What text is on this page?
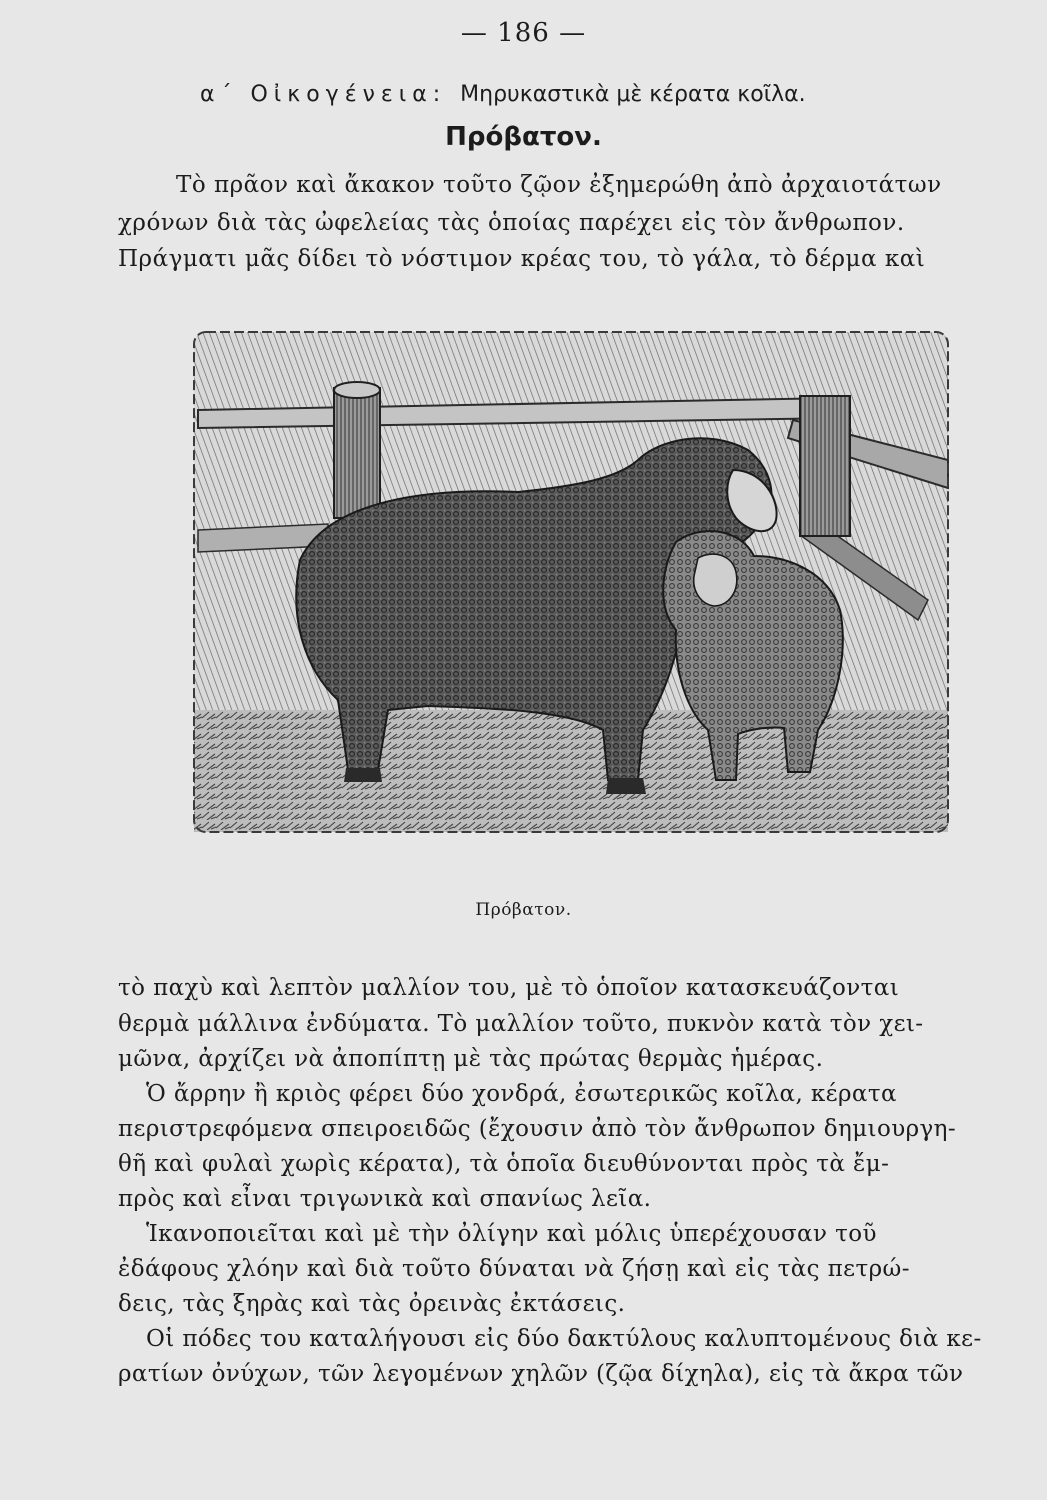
— 186 —
α΄ Οἰκογένεια: Μηρυκαστικὰ μὲ κέρατα κοῖλα.
Πρόβατον.
Τὸ πρᾶον καὶ ἄκακον τοῦτο ζῷον ἐξημερώθη ἀπὸ ἀρχαιοτάτων
χρόνων διὰ τὰς ὠφελείας τὰς ὁποίας παρέχει εἰς τὸν ἄνθρωπον.
Πράγματι μᾶς δίδει τὸ νόστιμον κρέας του, τὸ γάλα, τὸ δέρμα καὶ
Πρόβατον.
τὸ παχὺ καὶ λεπτὸν μαλλίον του, μὲ τὸ ὁποῖον κατασκευάζονται
θερμὰ μάλλινα ἐνδύματα. Τὸ μαλλίον τοῦτο, πυκνὸν κατὰ τὸν χει-
μῶνα, ἀρχίζει νὰ ἀποπίπτῃ μὲ τὰς πρώτας θερμὰς ἡμέρας.
Ὁ ἄρρην ἢ κριὸς φέρει δύο χονδρά, ἐσωτερικῶς κοῖλα, κέρατα
περιστρεφόμενα σπειροειδῶς (ἔχουσιν ἀπὸ τὸν ἄνθρωπον δημιουργη-
θῆ καὶ φυλαὶ χωρὶς κέρατα), τὰ ὁποῖα διευθύνονται πρὸς τὰ ἔμ-
πρὸς καὶ εἶναι τριγωνικὰ καὶ σπανίως λεῖα.
Ἱκανοποιεῖται καὶ μὲ τὴν ὀλίγην καὶ μόλις ὑπερέχουσαν τοῦ
ἐδάφους χλόην καὶ διὰ τοῦτο δύναται νὰ ζήσῃ καὶ εἰς τὰς πετρώ-
δεις, τὰς ξηρὰς καὶ τὰς ὀρεινὰς ἐκτάσεις.
Οἱ πόδες του καταλήγουσι εἰς δύο δακτύλους καλυπτομένους διὰ κε-
ρατίων ὀνύχων, τῶν λεγομένων χηλῶν (ζῷα δίχηλα), εἰς τὰ ἄκρα τῶν
